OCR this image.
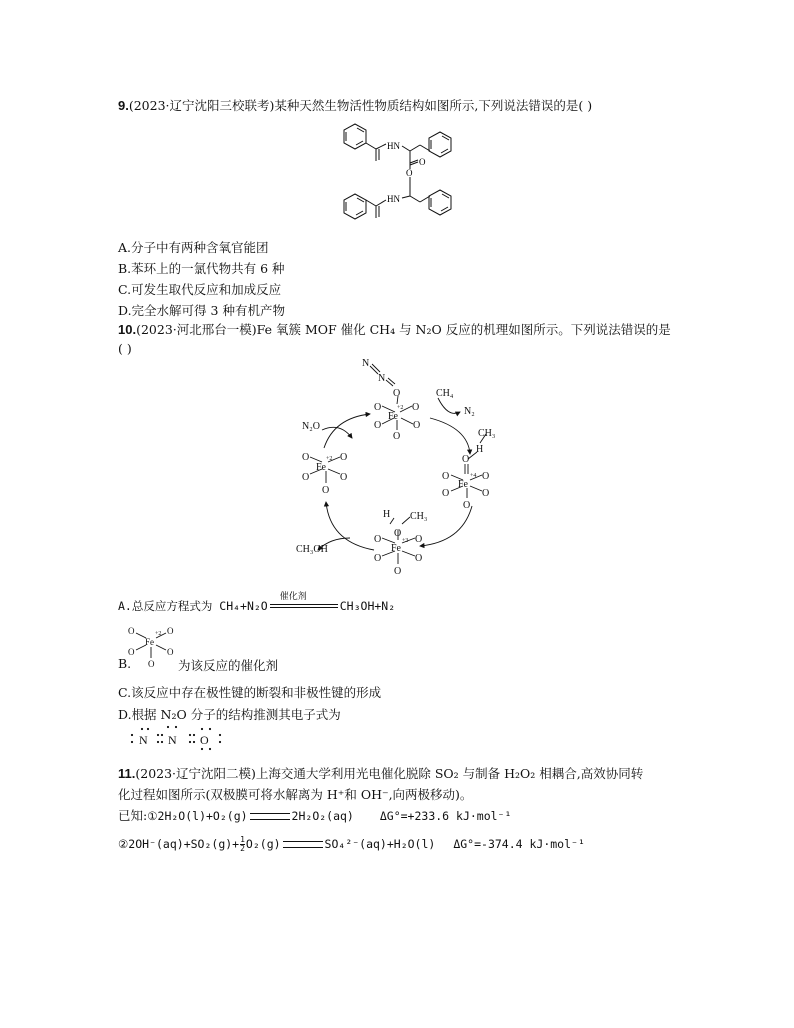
9.(2023·辽宁沈阳三校联考)某种天然生物活性物质结构如图所示,下列说法错误的是( )
HN
O
O
HN
A.分子中有两种含氧官能团
B.苯环上的一氯代物共有 6 种
C.可发生取代反应和加成反应
D.完全水解可得 3 种有机产物
10.(2023·河北邢台一模)Fe 氧簇 MOF 催化 CH₄ 与 N₂O 反应的机理如图所示。下列说法错误的是
( )
N
N
O
Fe
+2
O	O
O	O
O
N₂O
CH₄
N₂
Fe
+2
O	O
O	O
O
CH₃
H
O
Fe
+4
O	O
O	O
O
H CH₃
O
Fe
+3
O	O
O	O
O
CH₃OH
A.总反应方程式为 CH₄+N₂O
催化剂
CH₃OH+N₂
B.
Fe
+2
O	O
O	O
O 为该反应的催化剂
C.该反应中存在极性键的断裂和非极性键的形成
D.根据 N₂O 分子的结构推测其电子式为
N N O
11.(2023·辽宁沈阳二模)上海交通大学利用光电催化脱除 SO₂ 与制备 H₂O₂ 相耦合,高效协同转
化过程如图所示(双极膜可将水解离为 H⁺和 OH⁻,向两极移动)。
已知:①2H₂O(l)+O₂(g)	2H₂O₂(aq) ΔG°=+233.6 kJ·mol⁻¹
②2OH⁻(aq)+SO₂(g)+ $\frac{1}{2} O_2(g)$	SO₄²⁻(aq)+H₂O(l) ΔG°=-374.4 kJ·mol⁻¹
